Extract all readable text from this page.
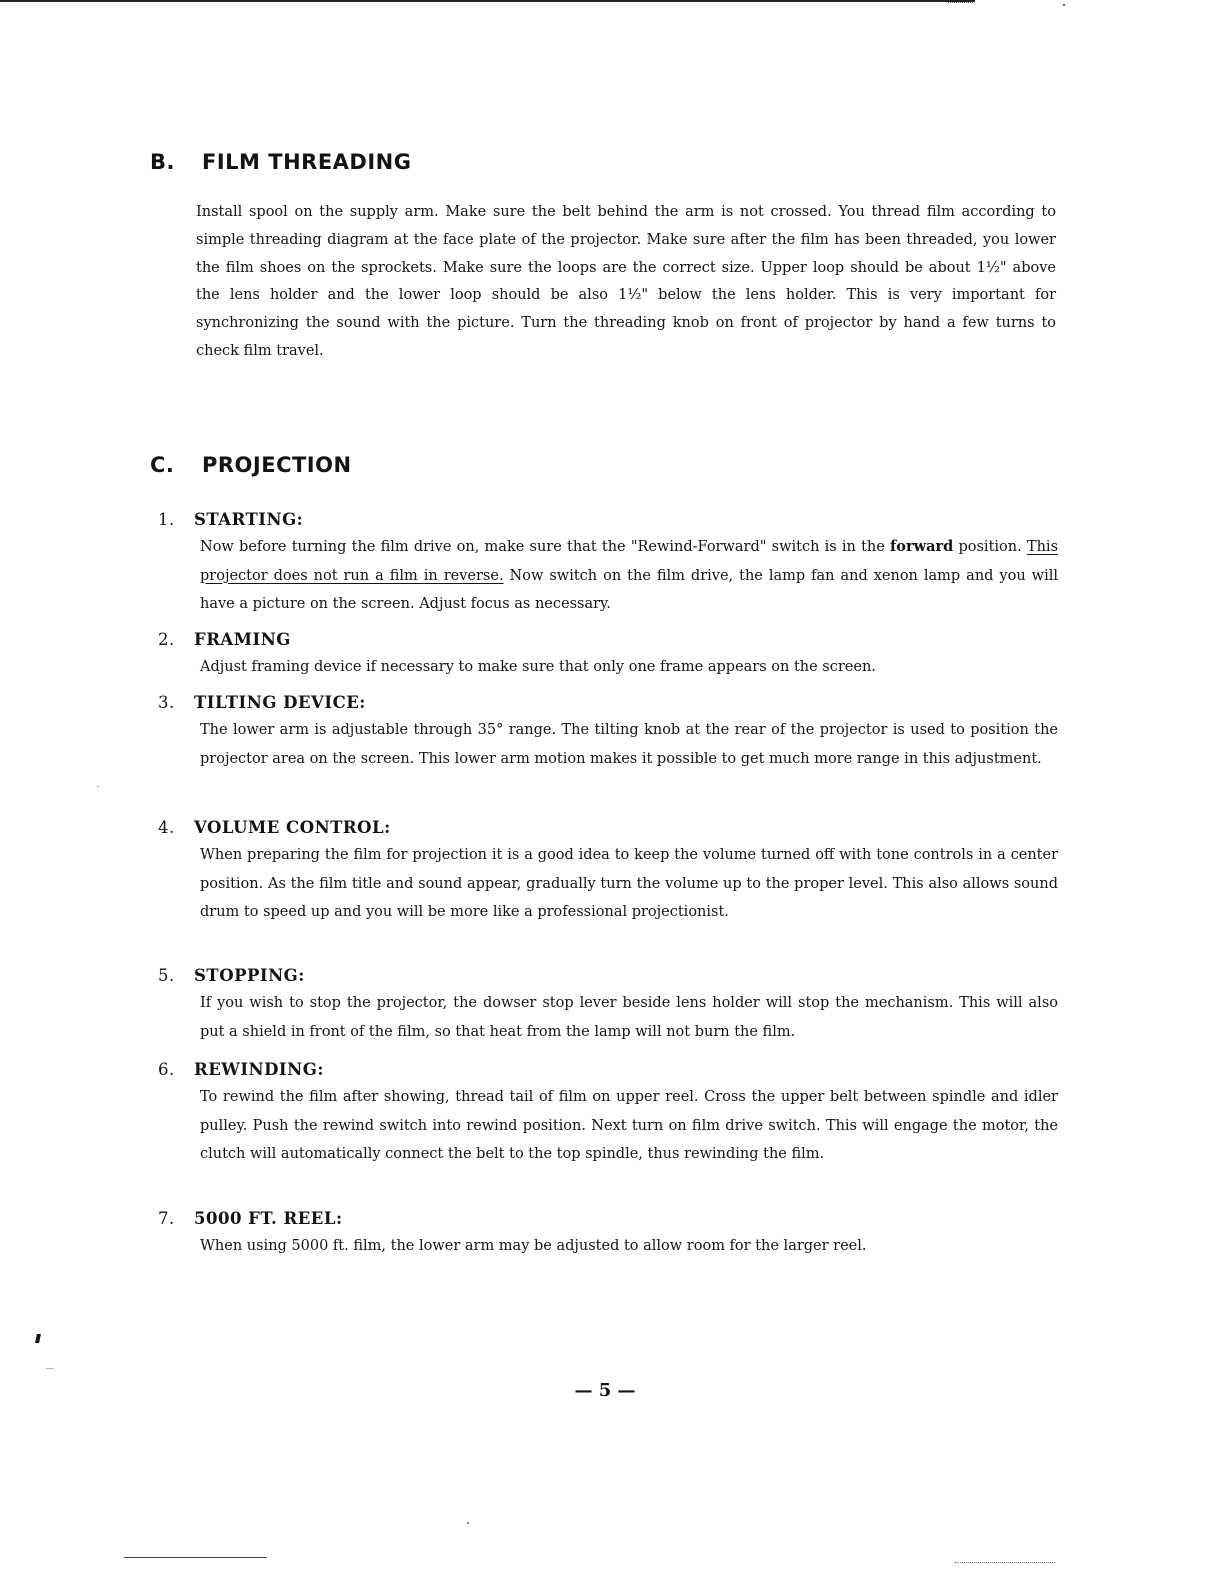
B. FILM THREADING

Install spool on the supply arm. Make sure the belt behind the arm is not crossed. You thread film according to simple threading diagram at the face plate of the projector. Make sure after the film has been threaded, you lower the film shoes on the sprockets. Make sure the loops are the correct size. Upper loop should be about 1½" above the lens holder and the lower loop should be also 1½" below the lens holder. This is very important for synchronizing the sound with the picture. Turn the threading knob on front of projector by hand a few turns to check film travel.

C. PROJECTION
1.	STARTING:

Now before turning the film drive on, make sure that the "Rewind-Forward" switch is in the forward position. This projector does not run a film in reverse. Now switch on the film drive, the lamp fan and xenon lamp and you will have a picture on the screen. Adjust focus as necessary.

2.	FRAMING

Adjust framing device if necessary to make sure that only one frame appears on the screen.

3.	TILTING DEVICE:

The lower arm is adjustable through 35° range. The tilting knob at the rear of the projector is used to position the projector area on the screen. This lower arm motion makes it possible to get much more range in this adjustment.

4.	VOLUME CONTROL:

When preparing the film for projection it is a good idea to keep the volume turned off with tone controls in a center position. As the film title and sound appear, gradually turn the volume up to the proper level. This also allows sound drum to speed up and you will be more like a professional projectionist.

5.	STOPPING:

If you wish to stop the projector, the dowser stop lever beside lens holder will stop the mechanism. This will also put a shield in front of the film, so that heat from the lamp will not burn the film.

6.	REWINDING:

To rewind the film after showing, thread tail of film on upper reel. Cross the upper belt between spindle and idler pulley. Push the rewind switch into rewind position. Next turn on film drive switch. This will engage the motor, the clutch will automatically connect the belt to the top spindle, thus rewinding the film.

7.	5000 FT. REEL:

When using 5000 ft. film, the lower arm may be adjusted to allow room for the larger reel.

— 5 —
